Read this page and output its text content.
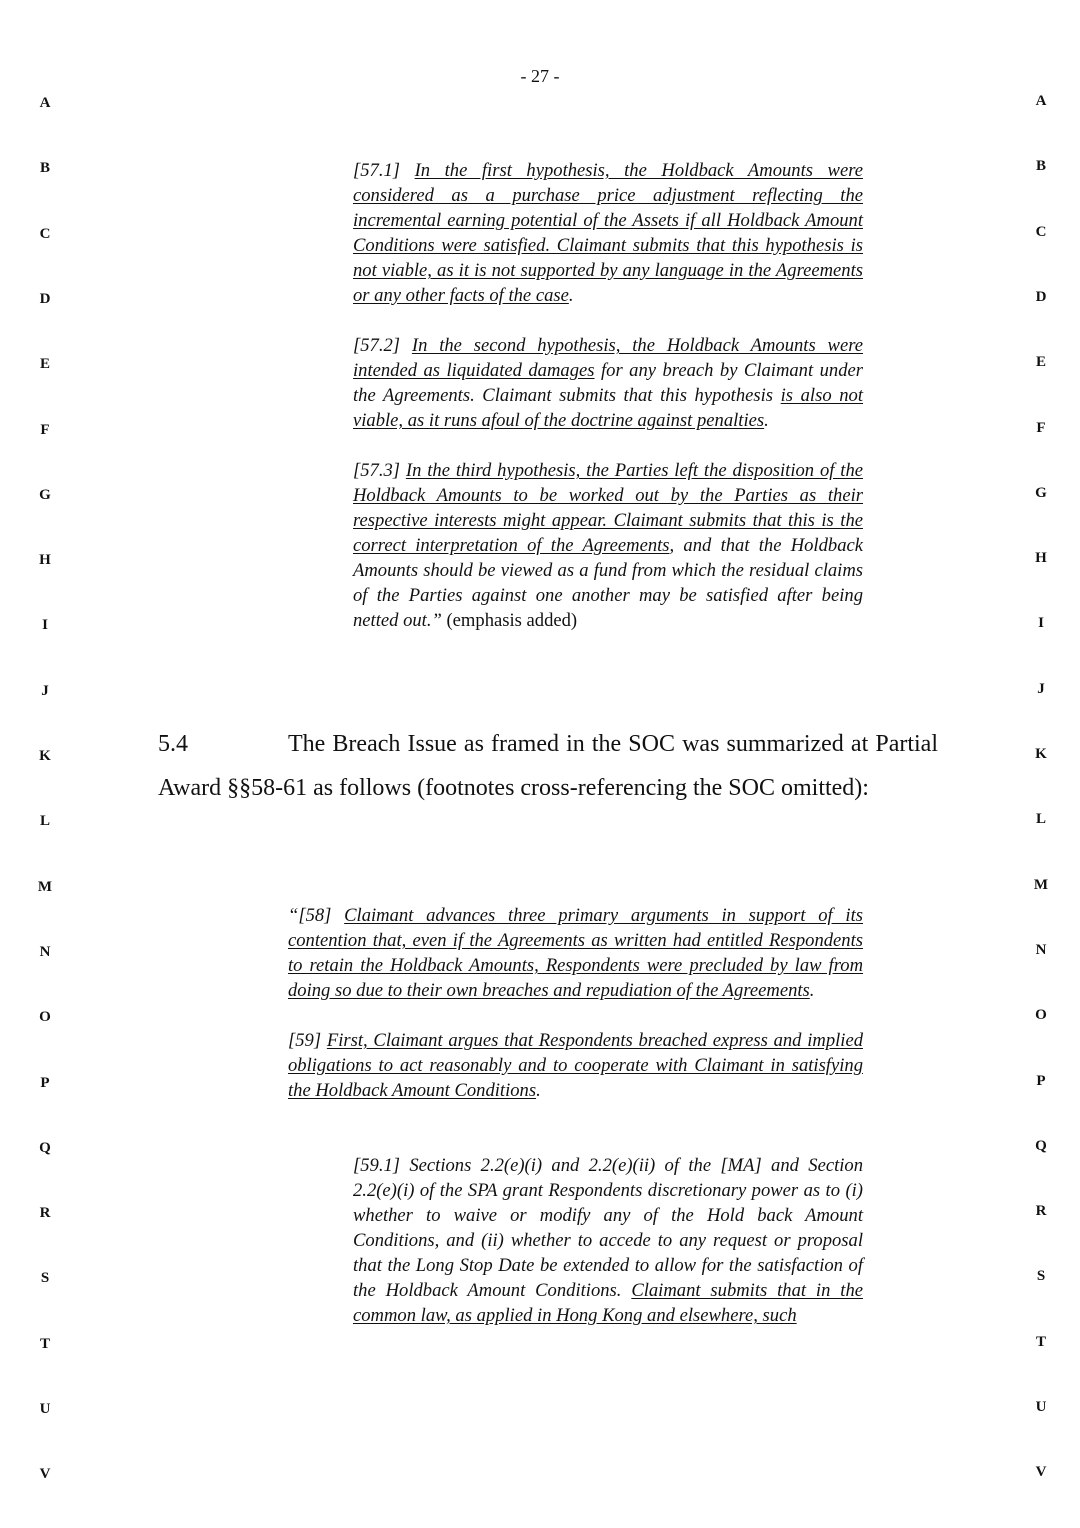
- 27 -
A
B
C
D
E
F
G
H
I
J
K
L
M
N
O
P
Q
R
S
T
U
V
A
B
C
D
E
F
G
H
I
J
K
L
M
N
O
P
Q
R
S
T
U
V

[57.1] In the first hypothesis, the Holdback Amounts were considered as a purchase price adjustment reflecting the incremental earning potential of the Assets if all Holdback Amount Conditions were satisfied. Claimant submits that this hypothesis is not viable, as it is not supported by any language in the Agreements or any other facts of the case.

[57.2] In the second hypothesis, the Holdback Amounts were intended as liquidated damages for any breach by Claimant under the Agreements. Claimant submits that this hypothesis is also not viable, as it runs afoul of the doctrine against penalties.

[57.3] In the third hypothesis, the Parties left the disposition of the Holdback Amounts to be worked out by the Parties as their respective interests might appear. Claimant submits that this is the correct interpretation of the Agreements, and that the Holdback Amounts should be viewed as a fund from which the residual claims of the Parties against one another may be satisfied after being netted out.” (emphasis added)

5.4	The Breach Issue as framed in the SOC was summarized at Partial Award §§58-61 as follows (footnotes cross-referencing the SOC omitted):

“[58] Claimant advances three primary arguments in support of its contention that, even if the Agreements as written had entitled Respondents to retain the Holdback Amounts, Respondents were precluded by law from doing so due to their own breaches and repudiation of the Agreements.

[59] First, Claimant argues that Respondents breached express and implied obligations to act reasonably and to cooperate with Claimant in satisfying the Holdback Amount Conditions.

[59.1] Sections 2.2(e)(i) and 2.2(e)(ii) of the [MA] and Section 2.2(e)(i) of the SPA grant Respondents discretionary power as to (i) whether to waive or modify any of the Hold back Amount Conditions, and (ii) whether to accede to any request or proposal that the Long Stop Date be extended to allow for the satisfaction of the Holdback Amount Conditions. Claimant submits that in the common law, as applied in Hong Kong and elsewhere, such
